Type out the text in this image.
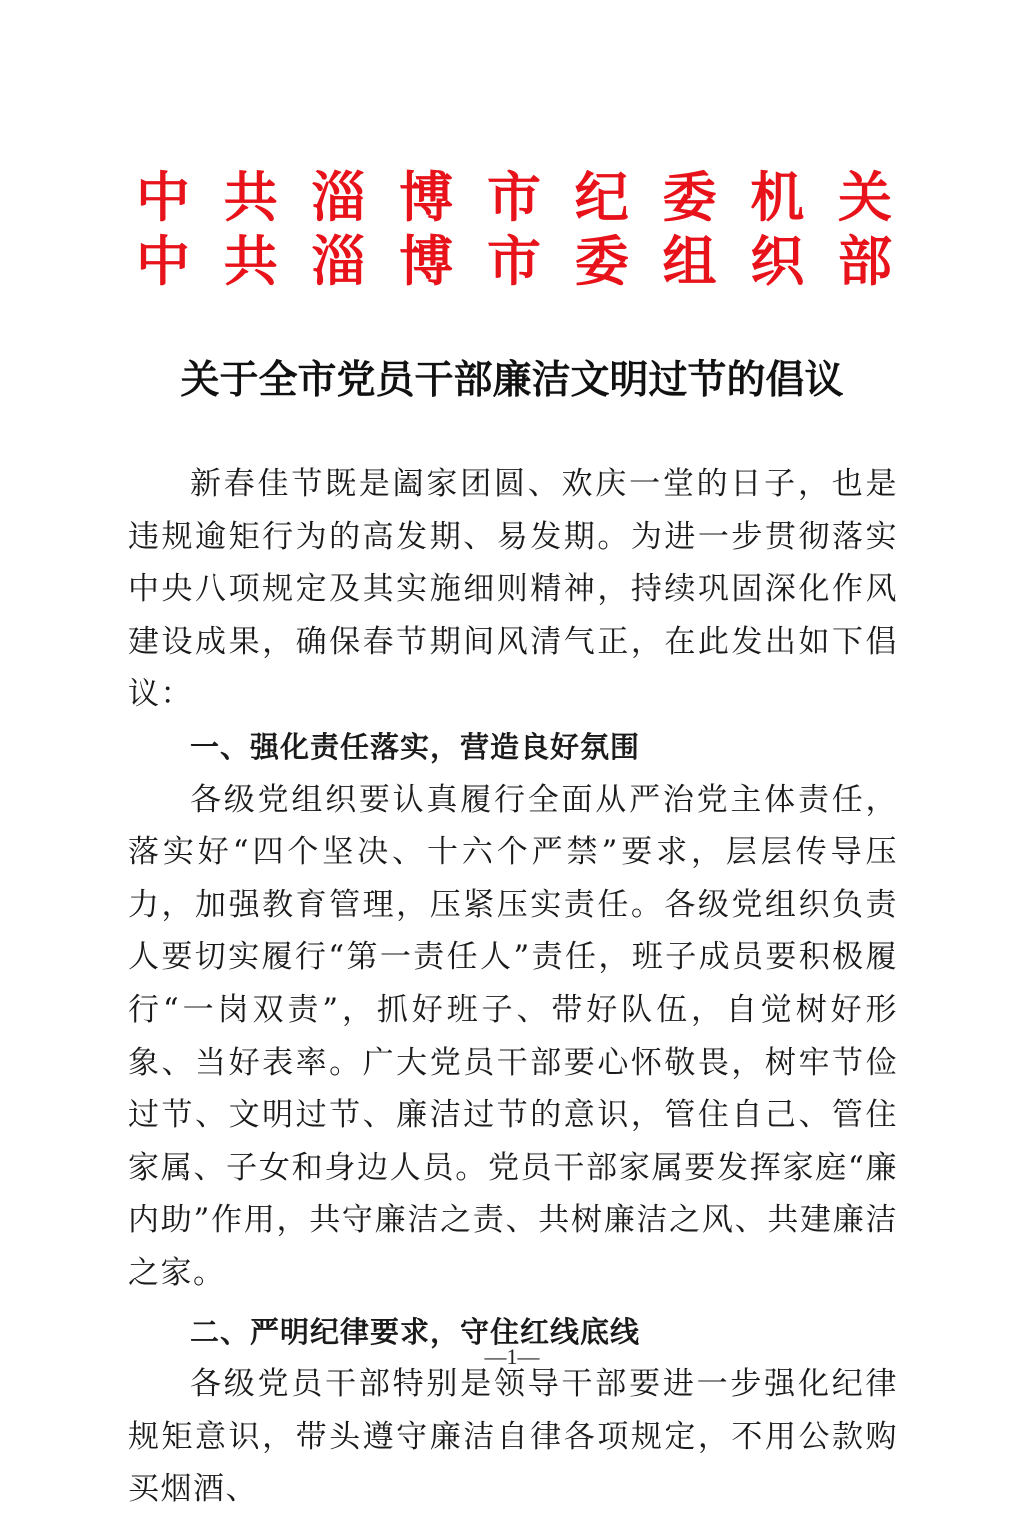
中 共 淄 博 市 纪 委 机 关
中 共 淄 博 市 委 组 织 部
关于全市党员干部廉洁文明过节的倡议

新春佳节既是阖家团圆、欢庆一堂的日子，也是违规逾矩行为的高发期、易发期。为进一步贯彻落实中央八项规定及其实施细则精神，持续巩固深化作风建设成果，确保春节期间风清气正，在此发出如下倡议：

一、强化责任落实，营造良好氛围

各级党组织要认真履行全面从严治党主体责任，落实好“四个坚决、十六个严禁”要求，层层传导压力，加强教育管理，压紧压实责任。各级党组织负责人要切实履行“第一责任人”责任，班子成员要积极履行“一岗双责”，抓好班子、带好队伍，自觉树好形象、当好表率。广大党员干部要心怀敬畏，树牢节俭过节、文明过节、廉洁过节的意识，管住自己、管住家属、子女和身边人员。党员干部家属要发挥家庭“廉内助”作用，共守廉洁之责、共树廉洁之风、共建廉洁之家。

二、严明纪律要求，守住红线底线

各级党员干部特别是领导干部要进一步强化纪律规矩意识，带头遵守廉洁自律各项规定，不用公款购买烟酒、

—1—
